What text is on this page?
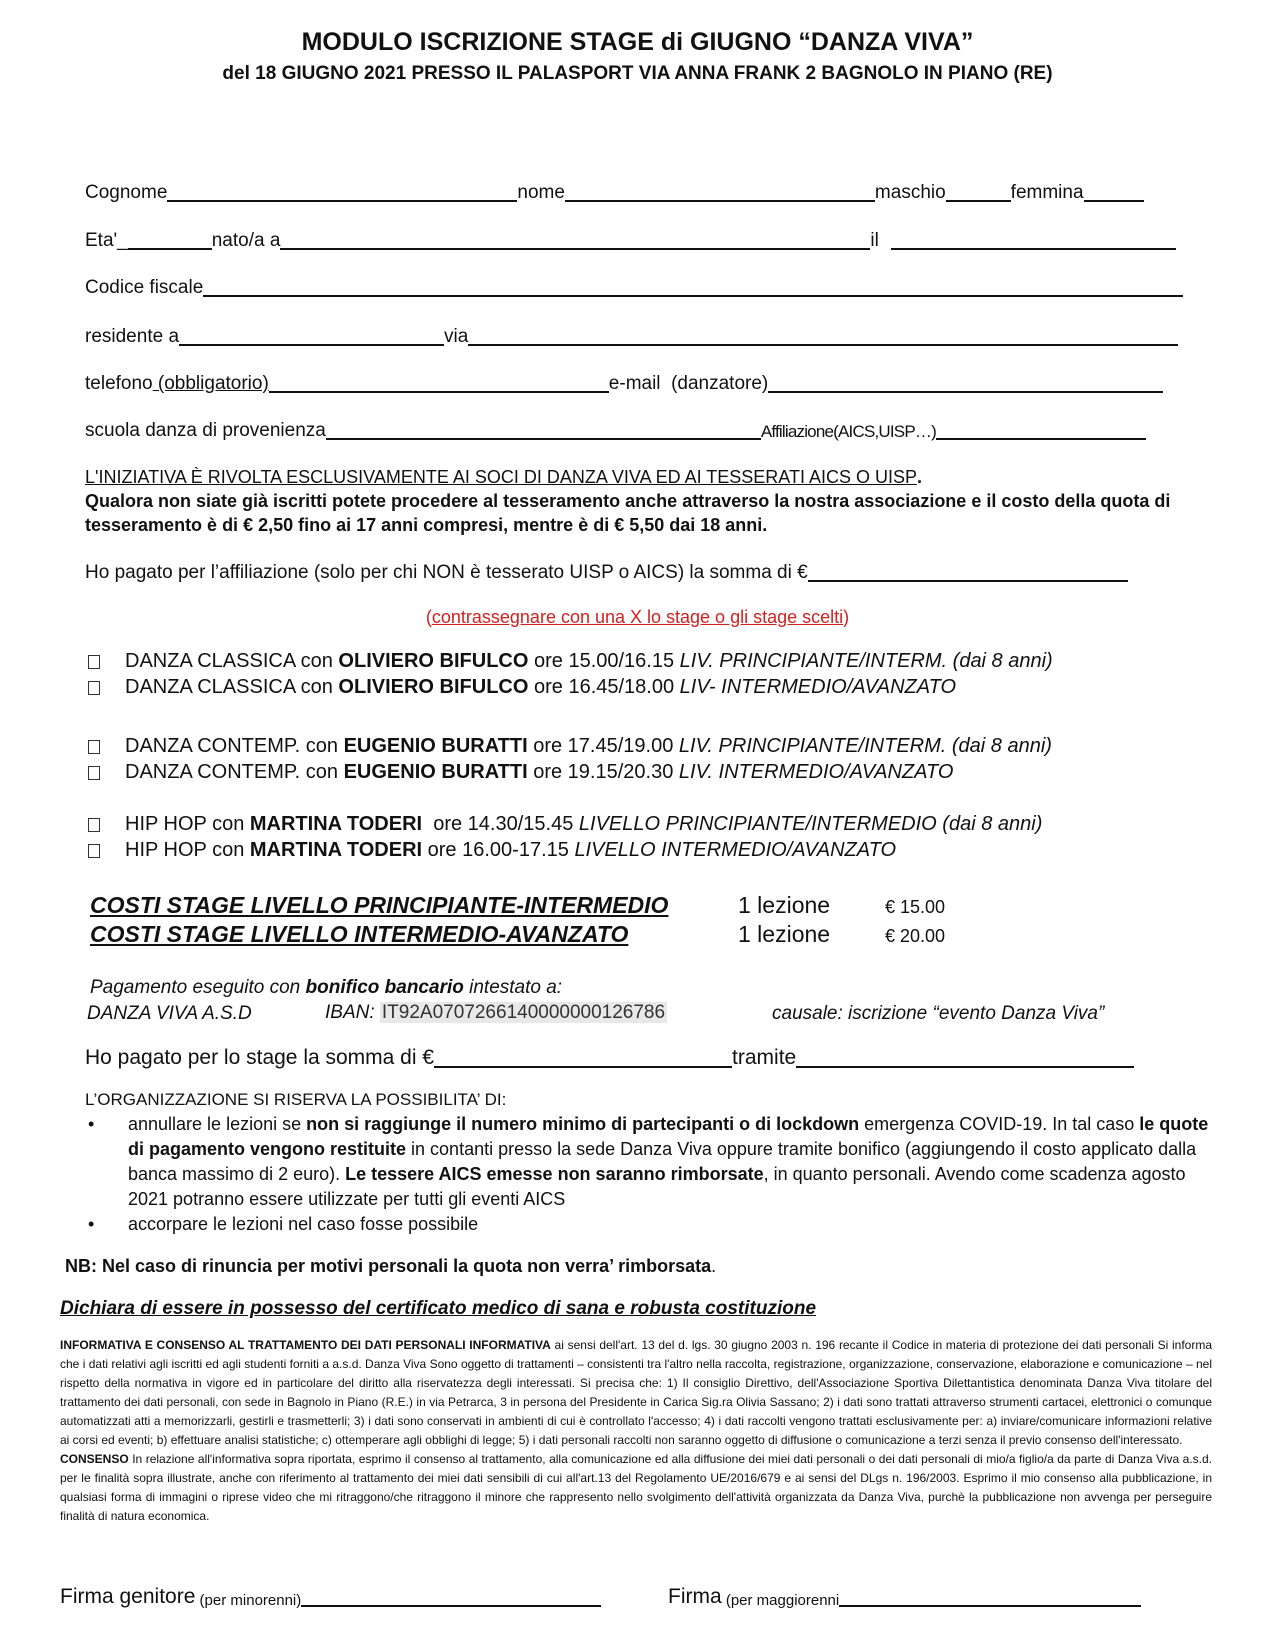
MODULO ISCRIZIONE STAGE di GIUGNO “DANZA VIVA”
del 18 GIUGNO 2021 PRESSO IL PALASPORT VIA ANNA FRANK 2 BAGNOLO IN PIANO (RE)
Cognome	nome	maschio	femmina
Eta'_	nato/a a	il
Codice fiscale
residente a	via
telefono (obbligatorio)	e-mail  (danzatore)
scuola danza di provenienza	Affiliazione(AICS,UISP…)
L'INIZIATIVA È RIVOLTA ESCLUSIVAMENTE AI SOCI DI DANZA VIVA ED AI TESSERATI AICS O UISP.
Qualora non siate già iscritti potete procedere al tesseramento anche attraverso la nostra associazione e il costo della quota di tesseramento è di € 2,50 fino ai 17 anni compresi, mentre è di € 5,50 dai 18 anni.
Ho pagato per l’affiliazione (solo per chi NON è tesserato UISP o AICS) la somma di €
(contrassegnare con una X lo stage o gli stage scelti)
DANZA CLASSICA con OLIVIERO BIFULCO ore 15.00/16.15 LIV. PRINCIPIANTE/INTERM. (dai 8 anni)
DANZA CLASSICA con OLIVIERO BIFULCO ore 16.45/18.00 LIV- INTERMEDIO/AVANZATO
DANZA CONTEMP. con EUGENIO BURATTI ore 17.45/19.00 LIV. PRINCIPIANTE/INTERM. (dai 8 anni)
DANZA CONTEMP. con EUGENIO BURATTI ore 19.15/20.30 LIV. INTERMEDIO/AVANZATO
HIP HOP con MARTINA TODERI ore 14.30/15.45 LIVELLO PRINCIPIANTE/INTERMEDIO (dai 8 anni)
HIP HOP con MARTINA TODERI ore 16.00-17.15 LIVELLO INTERMEDIO/AVANZATO
COSTI STAGE LIVELLO PRINCIPIANTE-INTERMEDIO	1 lezione	€ 15.00
COSTI STAGE LIVELLO INTERMEDIO-AVANZATO	1 lezione	€ 20.00
Pagamento eseguito con bonifico bancario intestato a:
DANZA VIVA A.S.D	IBAN: IT92A0707266140000000126786	causale: iscrizione “evento Danza Viva”
Ho pagato per lo stage la somma di €	tramite
L’ORGANIZZAZIONE SI RISERVA LA POSSIBILITA’ DI:
• annullare le lezioni se non si raggiunge il numero minimo di partecipanti o di lockdown emergenza COVID-19. In tal caso le quote di pagamento vengono restituite in contanti presso la sede Danza Viva oppure tramite bonifico (aggiungendo il costo applicato dalla banca massimo di 2 euro). Le tessere AICS emesse non saranno rimborsate, in quanto personali. Avendo come scadenza agosto 2021 potranno essere utilizzate per tutti gli eventi AICS
• accorpare le lezioni nel caso fosse possibile
NB: Nel caso di rinuncia per motivi personali la quota non verra’ rimborsata.
Dichiara di essere in possesso del certificato medico di sana e robusta costituzione

INFORMATIVA E CONSENSO AL TRATTAMENTO DEI DATI PERSONALI INFORMATIVA ai sensi dell'art. 13 del d. lgs. 30 giugno 2003 n. 196 recante il Codice in materia di protezione dei dati personali Si informa che i dati relativi agli iscritti ed agli studenti forniti a a.s.d. Danza Viva Sono oggetto di trattamenti – consistenti tra l'altro nella raccolta, registrazione, organizzazione, conservazione, elaborazione e comunicazione – nel rispetto della normativa in vigore ed in particolare del diritto alla riservatezza degli interessati. Si precisa che: 1) Il consiglio Direttivo, dell'Associazione Sportiva Dilettantistica denominata Danza Viva titolare del trattamento dei dati personali, con sede in Bagnolo in Piano (R.E.) in via Petrarca, 3 in persona del Presidente in Carica Sig.ra Olivia Sassano; 2) i dati sono trattati attraverso strumenti cartacei, elettronici o comunque automatizzati atti a memorizzarli, gestirli e trasmetterli; 3) i dati sono conservati in ambienti di cui è controllato l'accesso; 4) i dati raccolti vengono trattati esclusivamente per: a) inviare/comunicare informazioni relative ai corsi ed eventi; b) effettuare analisi statistiche; c) ottemperare agli obblighi di legge; 5) i dati personali raccolti non saranno oggetto di diffusione o comunicazione a terzi senza il previo consenso dell'interessato.

CONSENSO In relazione all'informativa sopra riportata, esprimo il consenso al trattamento, alla comunicazione ed alla diffusione dei miei dati personali o dei dati personali di mio/a figlio/a da parte di Danza Viva a.s.d. per le finalità sopra illustrate, anche con riferimento al trattamento dei miei dati sensibili di cui all'art.13 del Regolamento UE/2016/679 e ai sensi del DLgs n. 196/2003. Esprimo il mio consenso alla pubblicazione, in qualsiasi forma di immagini o riprese video che mi ritraggono/che ritraggono il minore che rappresento nello svolgimento dell'attività organizzata da Danza Viva, purchè la pubblicazione non avvenga per perseguire finalità di natura economica.

Firma genitore (per minorenni)	Firma (per maggiorenni
